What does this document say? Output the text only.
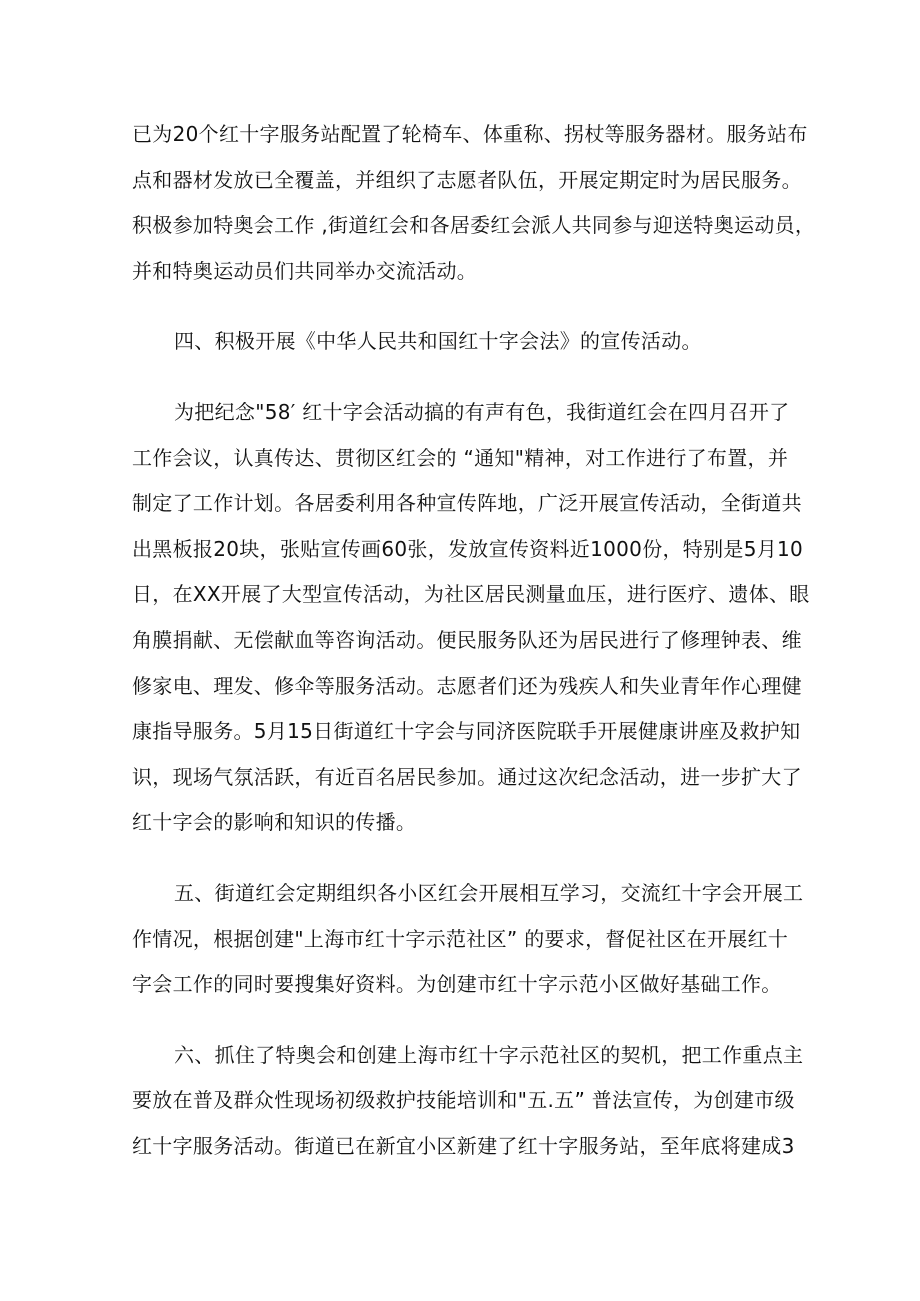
已为20个红十字服务站配置了轮椅车、体重称、拐杖等服务器材。服务站布
点和器材发放已全覆盖，并组织了志愿者队伍，开展定期定时为居民服务。
积极参加特奥会工作 ,街道红会和各居委红会派人共同参与迎送特奥运动员，
并和特奥运动员们共同举办交流活动。

四、积极开展《中华人民共和国红十字会法》的宣传活动。

为把纪念"58′ 红十字会活动搞的有声有色，我街道红会在四月召开了
工作会议，认真传达、贯彻区红会的 “通知"精神，对工作进行了布置，并
制定了工作计划。各居委利用各种宣传阵地，广泛开展宣传活动，全街道共
出黑板报20块，张贴宣传画60张，发放宣传资料近1000份，特别是5月10
日，在XX开展了大型宣传活动，为社区居民测量血压，进行医疗、遗体、眼
角膜捐献、无偿献血等咨询活动。便民服务队还为居民进行了修理钟表、维
修家电、理发、修伞等服务活动。志愿者们还为残疾人和失业青年作心理健
康指导服务。5月15日街道红十字会与同济医院联手开展健康讲座及救护知
识，现场气氛活跃，有近百名居民参加。通过这次纪念活动，进一步扩大了
红十字会的影响和知识的传播。

五、街道红会定期组织各小区红会开展相互学习，交流红十字会开展工
作情况，根据创建"上海市红十字示范社区” 的要求，督促社区在开展红十
字会工作的同时要搜集好资料。为创建市红十字示范小区做好基础工作。

六、抓住了特奥会和创建上海市红十字示范社区的契机，把工作重点主
要放在普及群众性现场初级救护技能培训和"五.五” 普法宣传，为创建市级
红十字服务活动。街道已在新宜小区新建了红十字服务站，至年底将建成3
